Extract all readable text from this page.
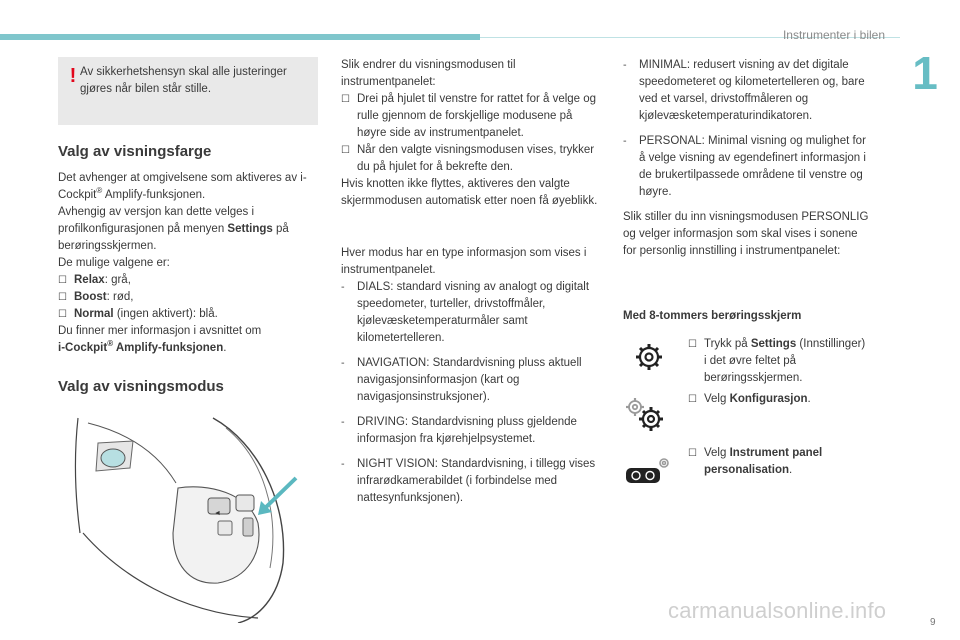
Instrumenter i bilen
1
! Av sikkerhetshensyn skal alle justeringer gjøres når bilen står stille.
Valg av visningsfarge

Det avhenger at omgivelsene som aktiveres av i-Cockpit® Amplify-funksjonen.

Avhengig av versjon kan dette velges i profilkonfigurasjonen på menyen Settings på berøringsskjermen.

De mulige valgene er:

☐ Relax: grå,
☐ Boost: rød,
☐ Normal (ingen aktivert): blå.

Du finner mer informasjon i avsnittet om

i-Cockpit® Amplify-funksjonen.

Valg av visningsmodus
◄

Slik endrer du visningsmodusen til instrumentpanelet:

☐ Drei på hjulet til venstre for rattet for å velge og rulle gjennom de forskjellige modusene på høyre side av instrumentpanelet.
☐ Når den valgte visningsmodusen vises, trykker du på hjulet for å bekrefte den.

Hvis knotten ikke flyttes, aktiveres den valgte skjermmodusen automatisk etter noen få øyeblikk.

Hver modus har en type informasjon som vises i instrumentpanelet.

- DIALS: standard visning av analogt og digitalt speedometer, turteller, drivstoffmåler, kjølevæsketemperaturmåler samt kilometertelleren.
- NAVIGATION: Standardvisning pluss aktuell navigasjonsinformasjon (kart og navigasjonsinstruksjoner).
- DRIVING: Standardvisning pluss gjeldende informasjon fra kjørehjelpsystemet.
- NIGHT VISION: Standardvisning, i tillegg vises infrarødkamerabildet (i forbindelse med nattesynfunksjonen).
- MINIMAL: redusert visning av det digitale speedometeret og kilometertelleren og, bare ved et varsel, drivstoffmåleren og kjølevæsketemperaturindikatoren.
- PERSONAL: Minimal visning og mulighet for å velge visning av egendefinert informasjon i de brukertilpassede områdene til venstre og høyre.

Slik stiller du inn visningsmodusen PERSONLIG og velger informasjon som skal vises i sonene for personlig innstilling i instrumentpanelet:

Med 8-tommers berøringsskjerm
☐ Trykk på Settings (Innstillinger) i det øvre feltet på berøringsskjermen.
☐ Velg Konfigurasjon.
☐ Velg Instrument panel personalisation.
carmanualsonline.info	9
